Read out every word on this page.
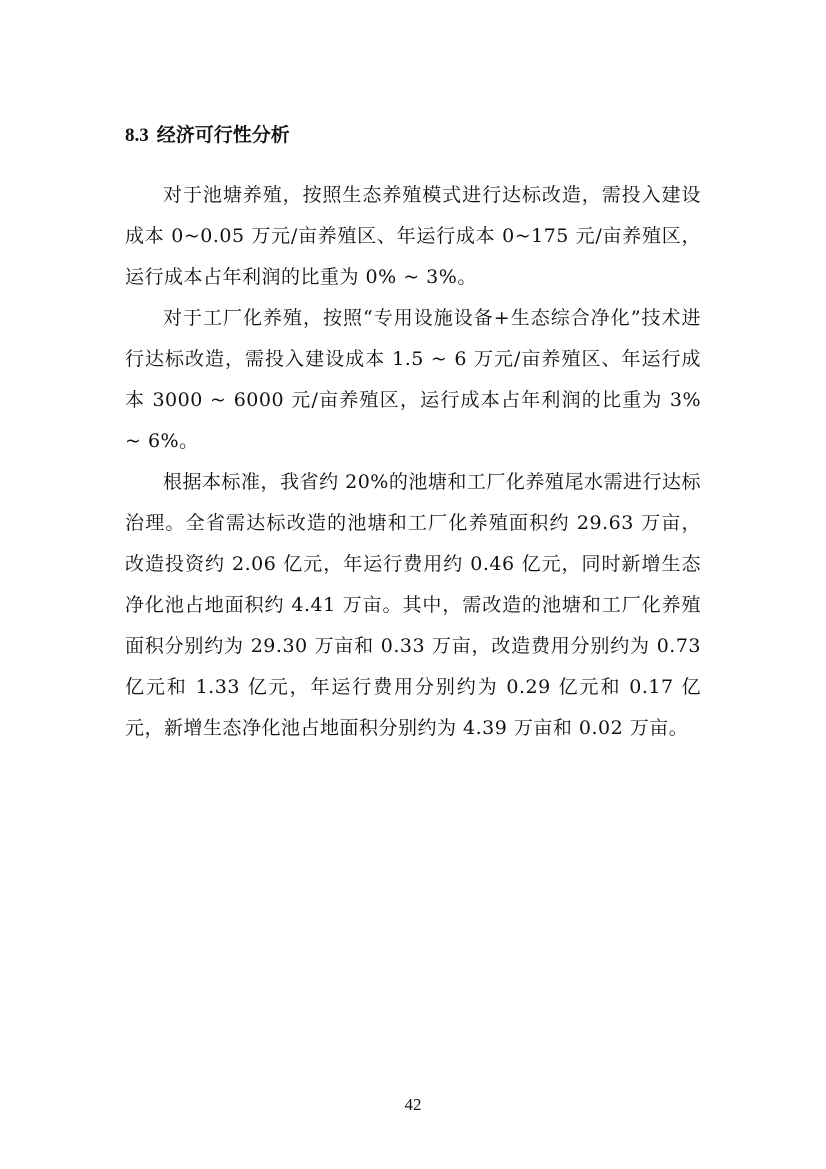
8.3 经济可行性分析

对于池塘养殖，按照生态养殖模式进行达标改造，需投入建设成本 0~0.05 万元/亩养殖区、年运行成本 0~175 元/亩养殖区，运行成本占年利润的比重为 0% ~ 3%。

对于工厂化养殖，按照“专用设施设备+生态综合净化”技术进行达标改造，需投入建设成本 1.5 ~ 6 万元/亩养殖区、年运行成本 3000 ~ 6000 元/亩养殖区，运行成本占年利润的比重为 3% ~ 6%。

根据本标准，我省约 20%的池塘和工厂化养殖尾水需进行达标治理。全省需达标改造的池塘和工厂化养殖面积约 29.63 万亩，改造投资约 2.06 亿元，年运行费用约 0.46 亿元，同时新增生态净化池占地面积约 4.41 万亩。其中，需改造的池塘和工厂化养殖面积分别约为 29.30 万亩和 0.33 万亩，改造费用分别约为 0.73 亿元和 1.33 亿元，年运行费用分别约为 0.29 亿元和 0.17 亿元，新增生态净化池占地面积分别约为 4.39 万亩和 0.02 万亩。

42
